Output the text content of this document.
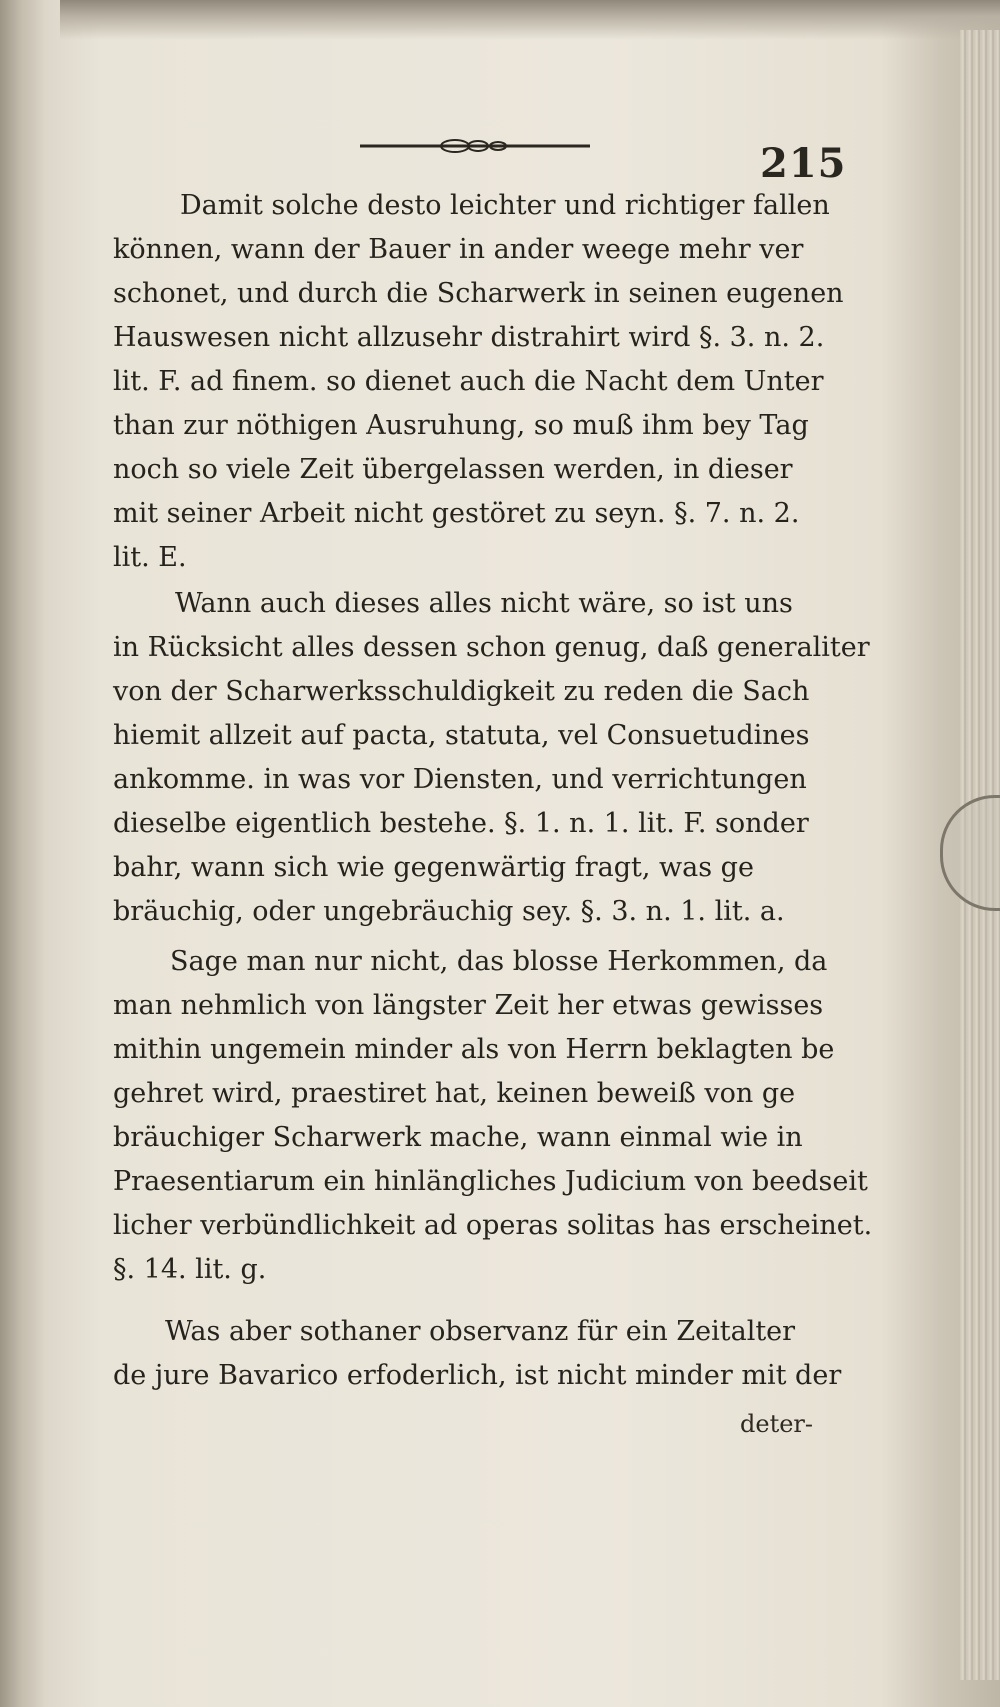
215
Damit solche desto leichter und richtiger fallen
können, wann der Bauer in ander weege mehr ver
schonet, und durch die Scharwerk in seinen eugenen
Hauswesen nicht allzusehr distrahirt wird §. 3. n. 2.
lit. F. ad finem. so dienet auch die Nacht dem Unter
than zur nöthigen Ausruhung, so muß ihm bey Tag
noch so viele Zeit übergelassen werden, in dieser
mit seiner Arbeit nicht gestöret zu seyn. §. 7. n. 2.
lit. E.
Wann auch dieses alles nicht wäre, so ist uns
in Rücksicht alles dessen schon genug, daß generaliter
von der Scharwerksschuldigkeit zu reden die Sach
hiemit allzeit auf pacta, statuta, vel Consuetudines
ankomme. in was vor Diensten, und verrichtungen
dieselbe eigentlich bestehe. §. 1. n. 1. lit. F. sonder
bahr, wann sich wie gegenwärtig fragt, was ge
bräuchig, oder ungebräuchig sey. §. 3. n. 1. lit. a.
Sage man nur nicht, das blosse Herkommen, da
man nehmlich von längster Zeit her etwas gewisses
mithin ungemein minder als von Herrn beklagten be
gehret wird, praestiret hat, keinen beweiß von ge
bräuchiger Scharwerk mache, wann einmal wie in
Praesentiarum ein hinlängliches Judicium von beedseit
licher verbündlichkeit ad operas solitas has erscheinet.
§. 14. lit. g.
Was aber sothaner observanz für ein Zeitalter
de jure Bavarico erfoderlich, ist nicht minder mit der
deter-
